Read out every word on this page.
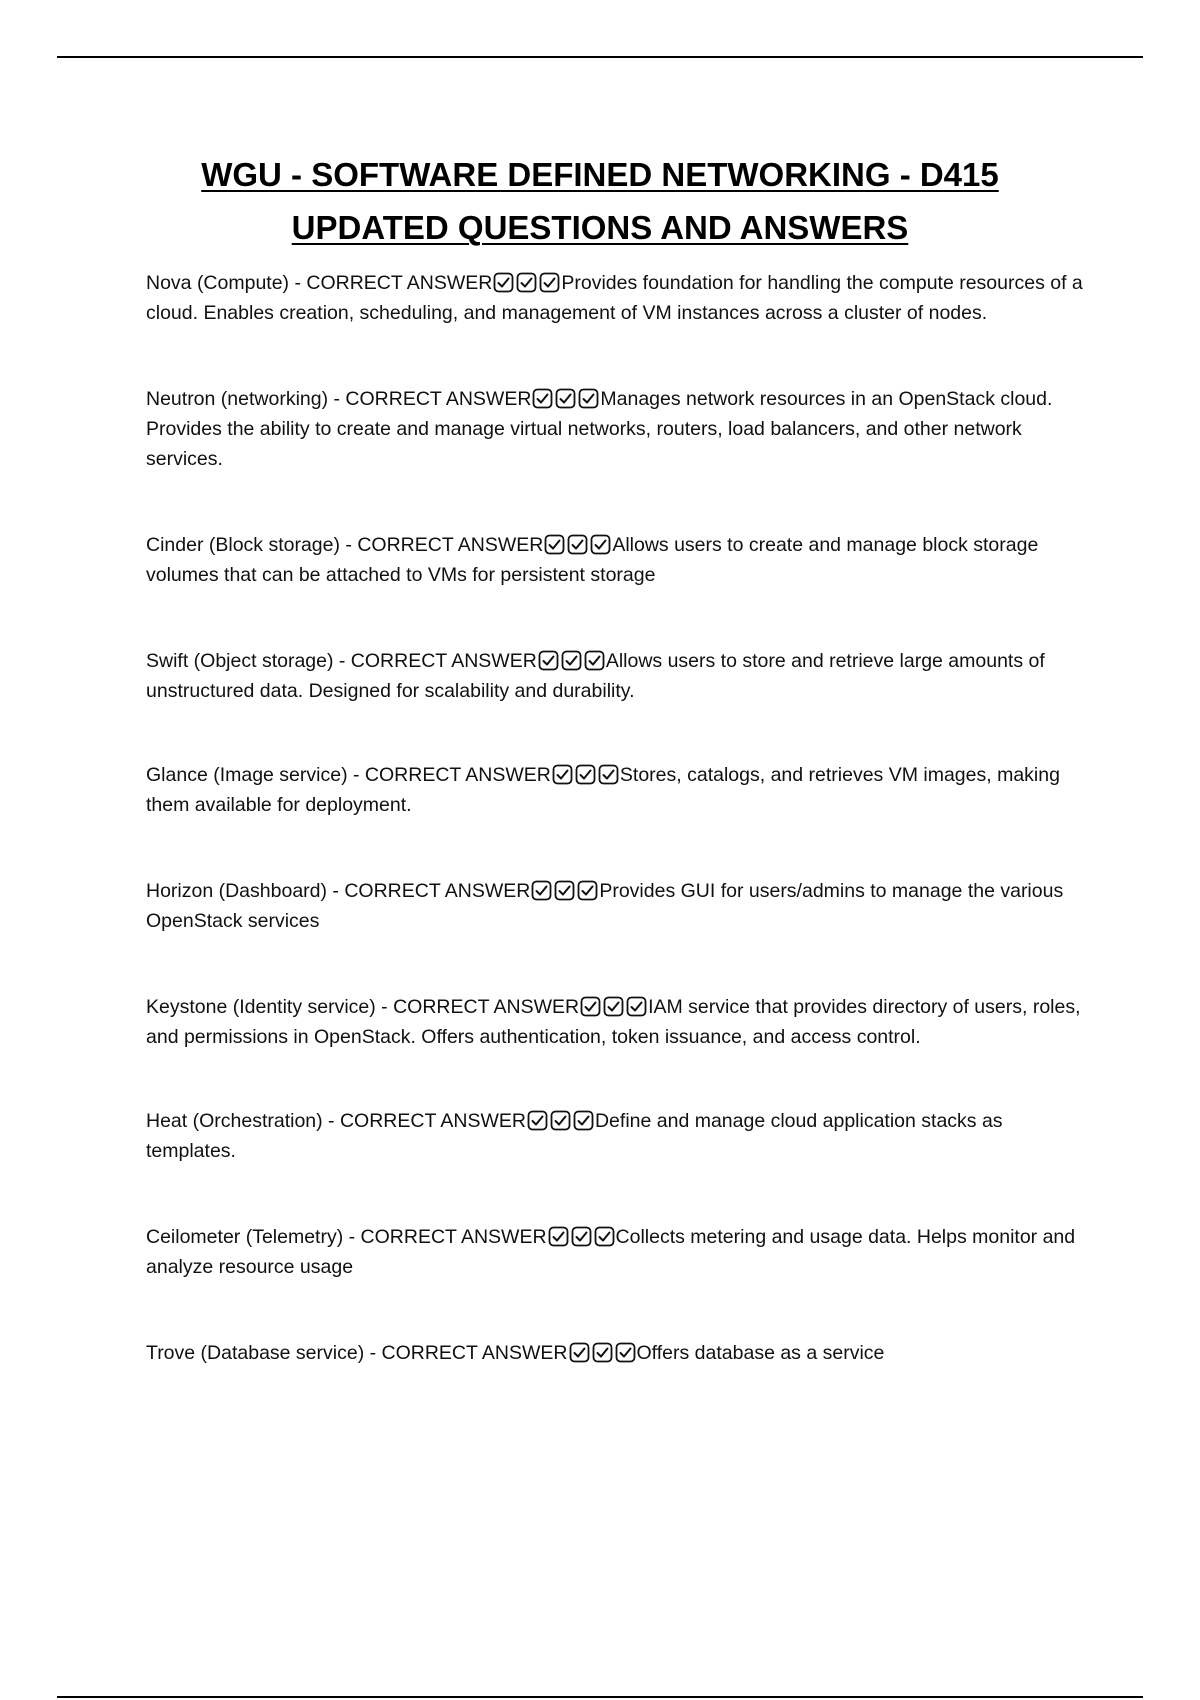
WGU - SOFTWARE DEFINED NETWORKING - D415
UPDATED QUESTIONS AND ANSWERS

Nova (Compute) - CORRECT ANSWER	Provides foundation for handling the compute resources of a cloud. Enables creation, scheduling, and management of VM instances across a cluster of nodes.

Neutron (networking) - CORRECT ANSWER	Manages network resources in an OpenStack cloud. Provides the ability to create and manage virtual networks, routers, load balancers, and other network services.

Cinder (Block storage) - CORRECT ANSWER	Allows users to create and manage block storage volumes that can be attached to VMs for persistent storage

Swift (Object storage) - CORRECT ANSWER	Allows users to store and retrieve large amounts of unstructured data. Designed for scalability and durability.

Glance (Image service) - CORRECT ANSWER	Stores, catalogs, and retrieves VM images, making them available for deployment.

Horizon (Dashboard) - CORRECT ANSWER	Provides GUI for users/admins to manage the various OpenStack services

Keystone (Identity service) - CORRECT ANSWER	IAM service that provides directory of users, roles, and permissions in OpenStack. Offers authentication, token issuance, and access control.

Heat (Orchestration) - CORRECT ANSWER	Define and manage cloud application stacks as templates.

Ceilometer (Telemetry) - CORRECT ANSWER	Collects metering and usage data. Helps monitor and analyze resource usage

Trove (Database service) - CORRECT ANSWER	Offers database as a service
